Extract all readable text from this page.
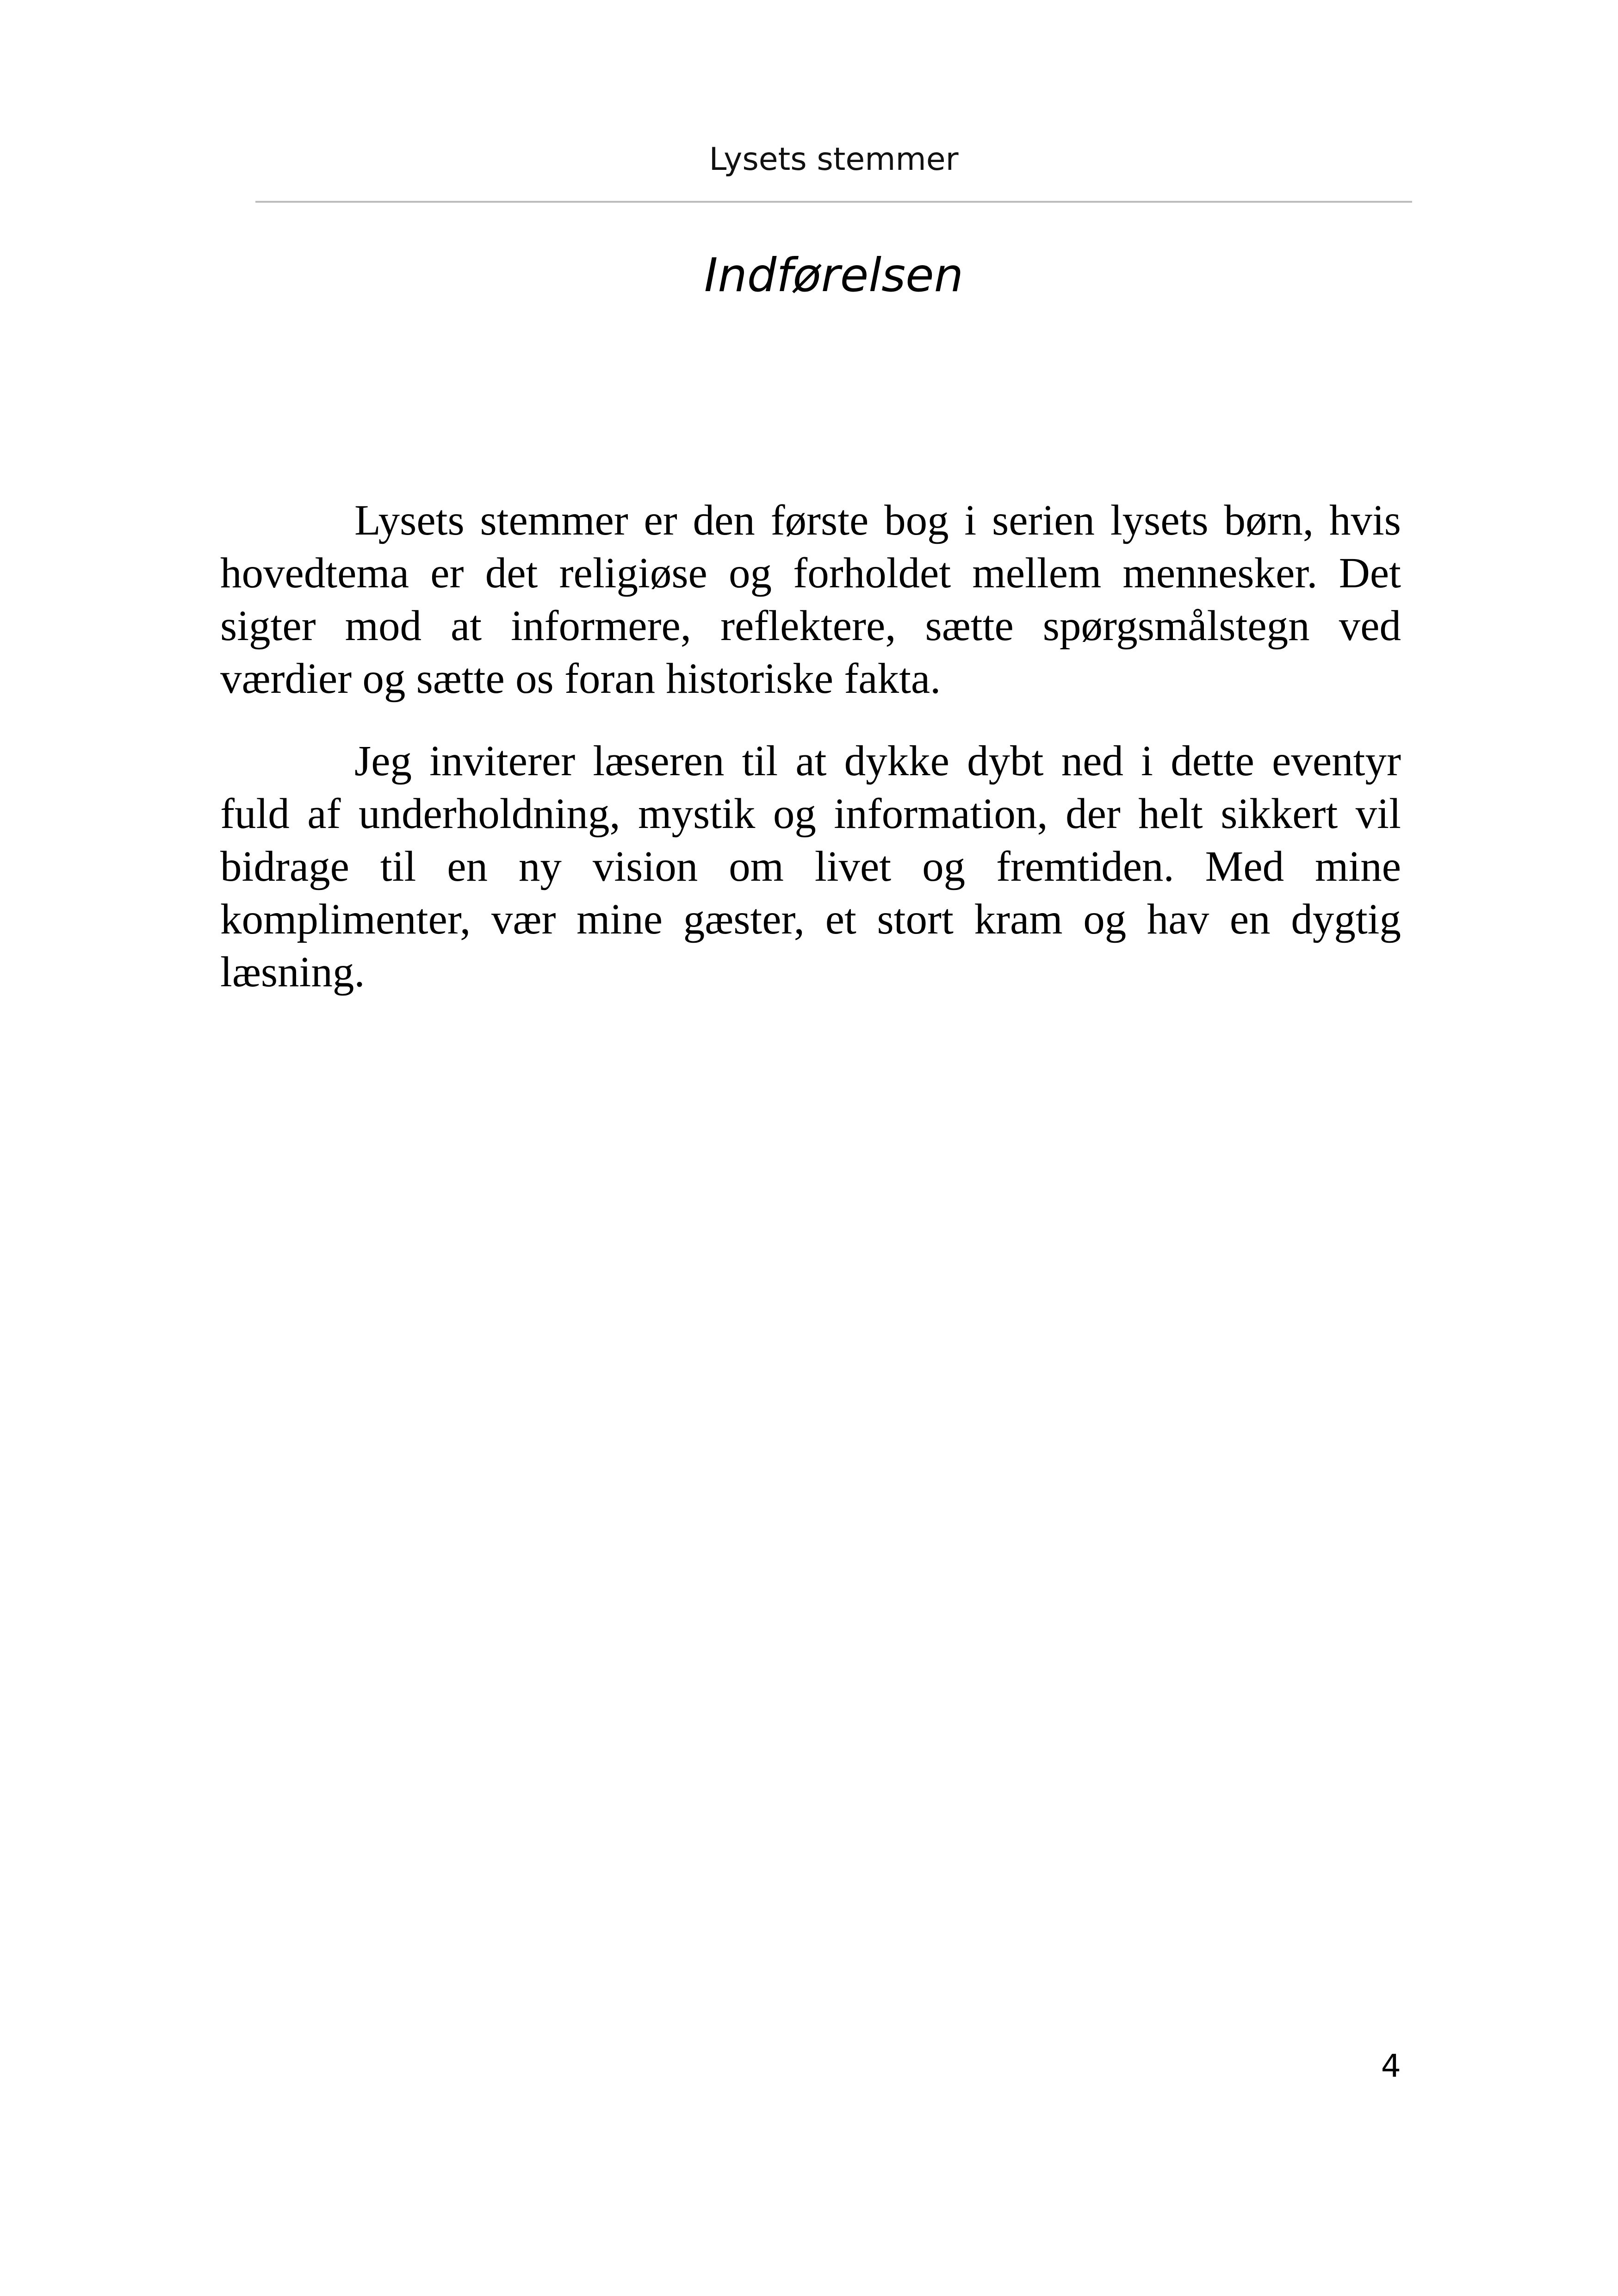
Lysets stemmer
Indførelsen

Lysets stemmer er den første bog i serien lysets børn, hvis hovedtema er det religiøse og forholdet mellem mennesker. Det sigter mod at informere, reflektere, sætte spørgsmålstegn ved værdier og sætte os foran historiske fakta.

Jeg inviterer læseren til at dykke dybt ned i dette eventyr fuld af underholdning, mystik og information, der helt sikkert vil bidrage til en ny vision om livet og fremtiden. Med mine komplimenter, vær mine gæster, et stort kram og hav en dygtig læsning.

4
